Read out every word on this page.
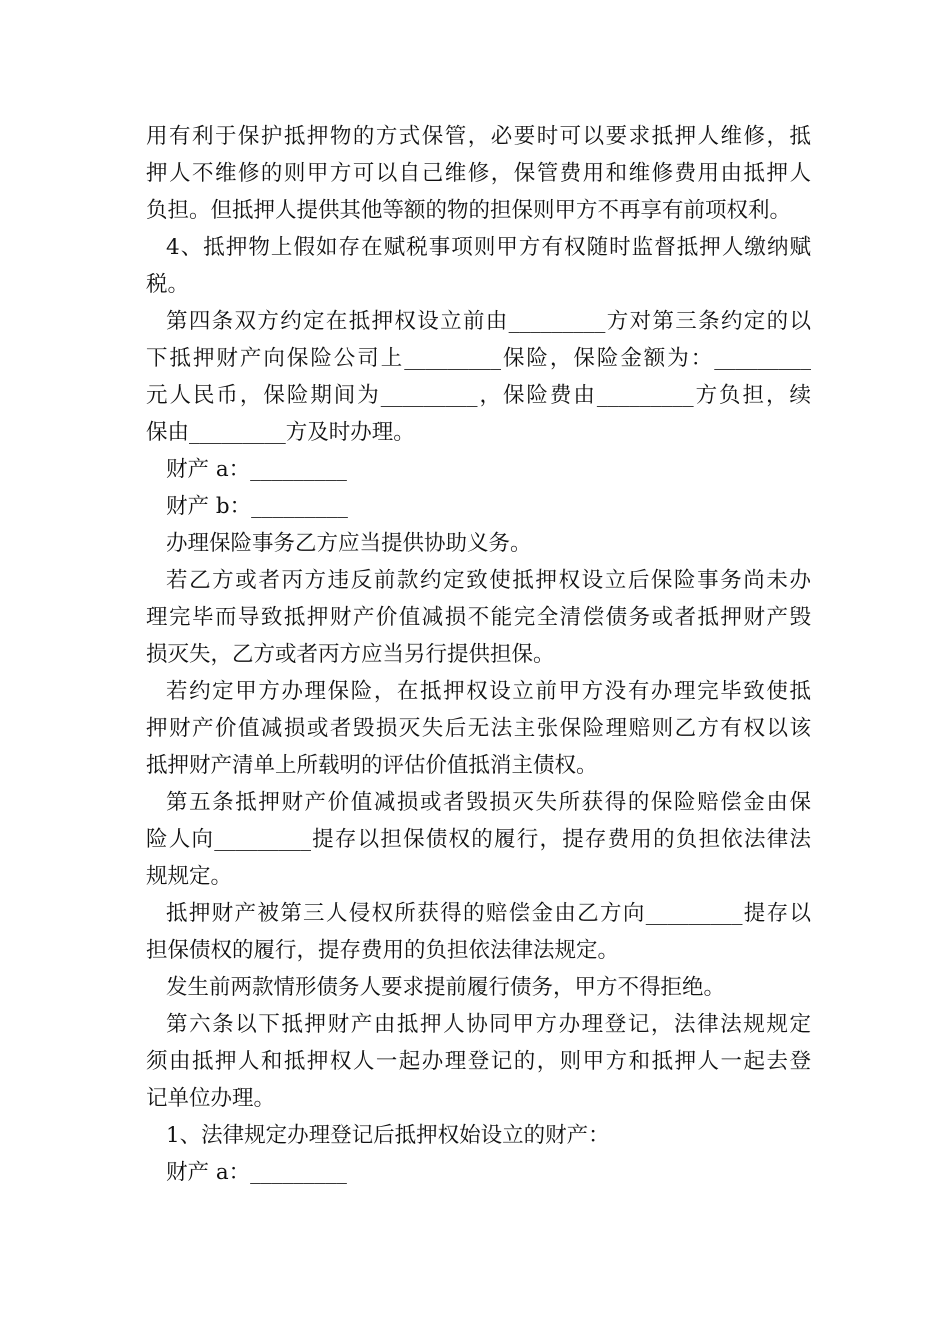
用有利于保护抵押物的方式保管，必要时可以要求抵押人维修，抵
押人不维修的则甲方可以自己维修，保管费用和维修费用由抵押人
负担。但抵押人提供其他等额的物的担保则甲方不再享有前项权利。
4、抵押物上假如存在赋税事项则甲方有权随时监督抵押人缴纳赋
税。
第四条双方约定在抵押权设立前由_________方对第三条约定的以
下抵押财产向保险公司上_________保险，保险金额为：_________
元人民币，保险期间为_________，保险费由_________方负担，续
保由_________方及时办理。
财产 a：_________
财产 b：_________
办理保险事务乙方应当提供协助义务。
若乙方或者丙方违反前款约定致使抵押权设立后保险事务尚未办
理完毕而导致抵押财产价值减损不能完全清偿债务或者抵押财产毁
损灭失，乙方或者丙方应当另行提供担保。
若约定甲方办理保险，在抵押权设立前甲方没有办理完毕致使抵
押财产价值减损或者毁损灭失后无法主张保险理赔则乙方有权以该
抵押财产清单上所载明的评估价值抵消主债权。
第五条抵押财产价值减损或者毁损灭失所获得的保险赔偿金由保
险人向_________提存以担保债权的履行，提存费用的负担依法律法
规规定。
抵押财产被第三人侵权所获得的赔偿金由乙方向_________提存以
担保债权的履行，提存费用的负担依法律法规定。
发生前两款情形债务人要求提前履行债务，甲方不得拒绝。
第六条以下抵押财产由抵押人协同甲方办理登记，法律法规规定
须由抵押人和抵押权人一起办理登记的，则甲方和抵押人一起去登
记单位办理。
1、法律规定办理登记后抵押权始设立的财产：
财产 a：_________
